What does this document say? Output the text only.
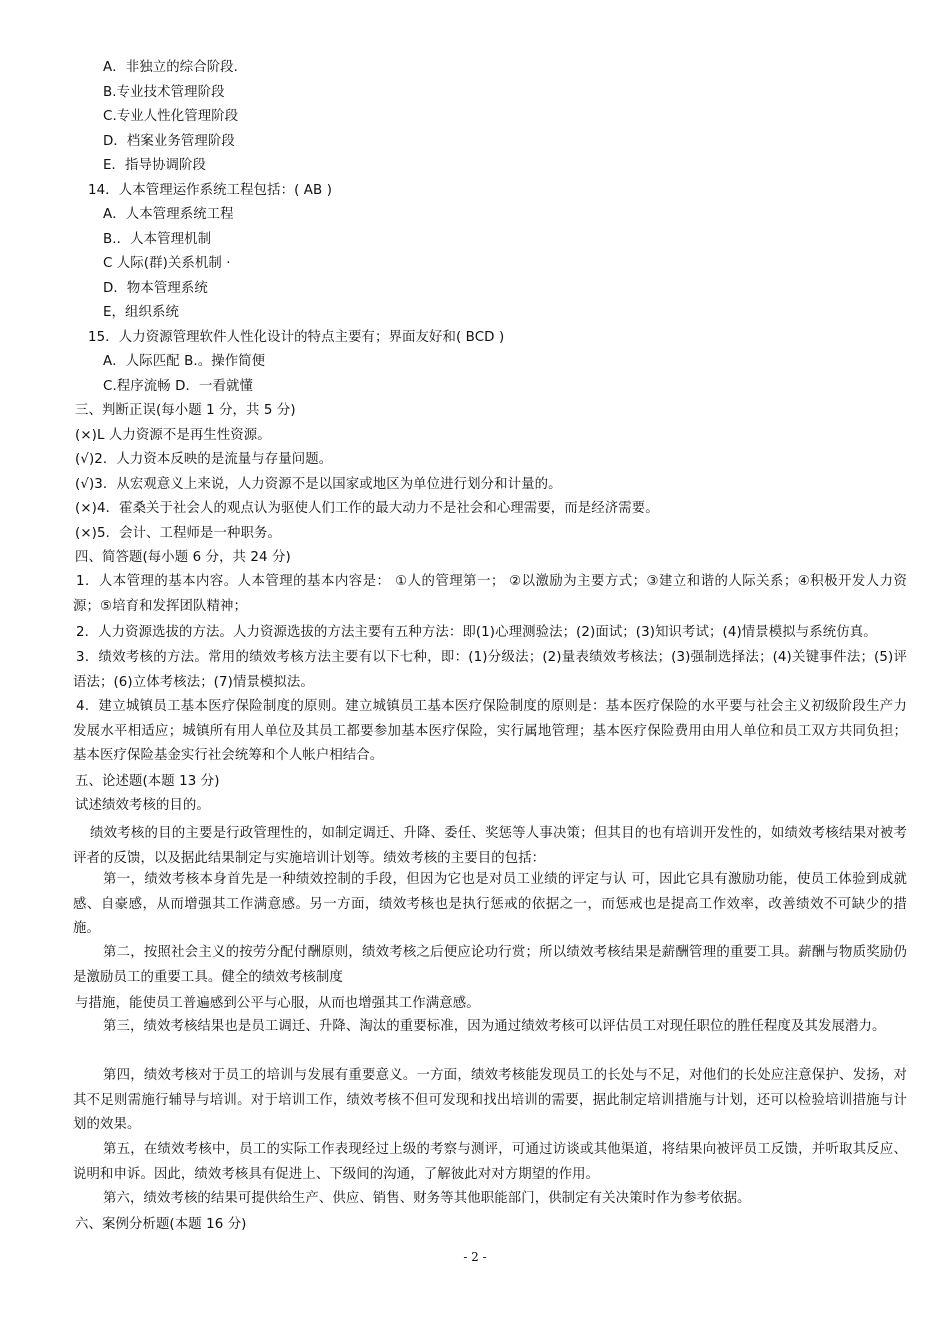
A．非独立的综合阶段．
B.专业技术管理阶段
C.专业人性化管理阶段
D．档案业务管理阶段
E．指导协调阶段
14．人本管理运作系统工程包括：( AB )
A．人本管理系统工程
B.．人本管理机制
C 人际(群)关系机制 ·
D．物本管理系统
E，组织系统
15．人力资源管理软件人性化设计的特点主要有；界面友好和( BCD )
A．人际匹配 B.。操作简便
C.程序流畅 D．一看就懂
三、判断正误(每小题 1 分，共 5 分)
(×)L 人力资源不是再生性资源。
(√)2．人力资本反映的是流量与存量问题。
(√)3．从宏观意义上来说，人力资源不是以国家或地区为单位进行划分和计量的。
(×)4．霍桑关于社会人的观点认为驱使人们工作的最大动力不是社会和心理需要，而是经济需要。
(×)5．会计、工程师是一种职务。
四、简答题(每小题 6 分，共 24 分)
1．人本管理的基本内容。人本管理的基本内容是： ①人的管理第一； ②以激励为主要方式；③建立和谐的人际关系；④积极开发人力资源；⑤培育和发挥团队精神；
2．人力资源选拔的方法。人力资源选拔的方法主要有五种方法：即(1)心理测验法；(2)面试；(3)知识考试；(4)情景模拟与系统仿真。
3．绩效考核的方法。常用的绩效考核方法主要有以下七种，即：(1)分级法；(2)量表绩效考核法；(3)强制选择法；(4)关键事件法；(5)评语法；(6)立体考核法；(7)情景模拟法。
4．建立城镇员工基本医疗保险制度的原则。建立城镇员工基本医疗保险制度的原则是：基本医疗保险的水平要与社会主义初级阶段生产力发展水平相适应；城镇所有用人单位及其员工都要参加基本医疗保险，实行属地管理；基本医疗保险费用由用人单位和员工双方共同负担；基本医疗保险基金实行社会统筹和个人帐户相结合。
五、论述题(本题 13 分)
试述绩效考核的目的。
绩效考核的目的主要是行政管理性的，如制定调迁、升降、委任、奖惩等人事决策；但其目的也有培训开发性的，如绩效考核结果对被考评者的反馈，以及据此结果制定与实施培训计划等。绩效考核的主要目的包括：
第一，绩效考核本身首先是一种绩效控制的手段，但因为它也是对员工业绩的评定与认 可，因此它具有激励功能，使员工体验到成就感、自豪感，从而增强其工作满意感。另一方面，绩效考核也是执行惩戒的依据之一，而惩戒也是提高工作效率，改善绩效不可缺少的措施。
第二，按照社会主义的按劳分配付酬原则，绩效考核之后便应论功行赏；所以绩效考核结果是薪酬管理的重要工具。薪酬与物质奖励仍是激励员工的重要工具。健全的绩效考核制度
与措施，能使员工普遍感到公平与心服，从而也增强其工作满意感。
第三，绩效考核结果也是员工调迁、升降、淘汰的重要标准，因为通过绩效考核可以评估员工对现任职位的胜任程度及其发展潜力。
第四，绩效考核对于员工的培训与发展有重要意义。一方面，绩效考核能发现员工的长处与不足，对他们的长处应注意保护、发扬，对其不足则需施行辅导与培训。对于培训工作，绩效考核不但可发现和找出培训的需要，据此制定培训措施与计划，还可以检验培训措施与计划的效果。
第五，在绩效考核中，员工的实际工作表现经过上级的考察与测评，可通过访谈或其他渠道，将结果向被评员工反馈，并听取其反应、说明和申诉。因此，绩效考核具有促进上、下级间的沟通，了解彼此对对方期望的作用。
第六，绩效考核的结果可提供给生产、供应、销售、财务等其他职能部门，供制定有关决策时作为参考依据。
六、案例分析题(本题 16 分)
- 2 -
